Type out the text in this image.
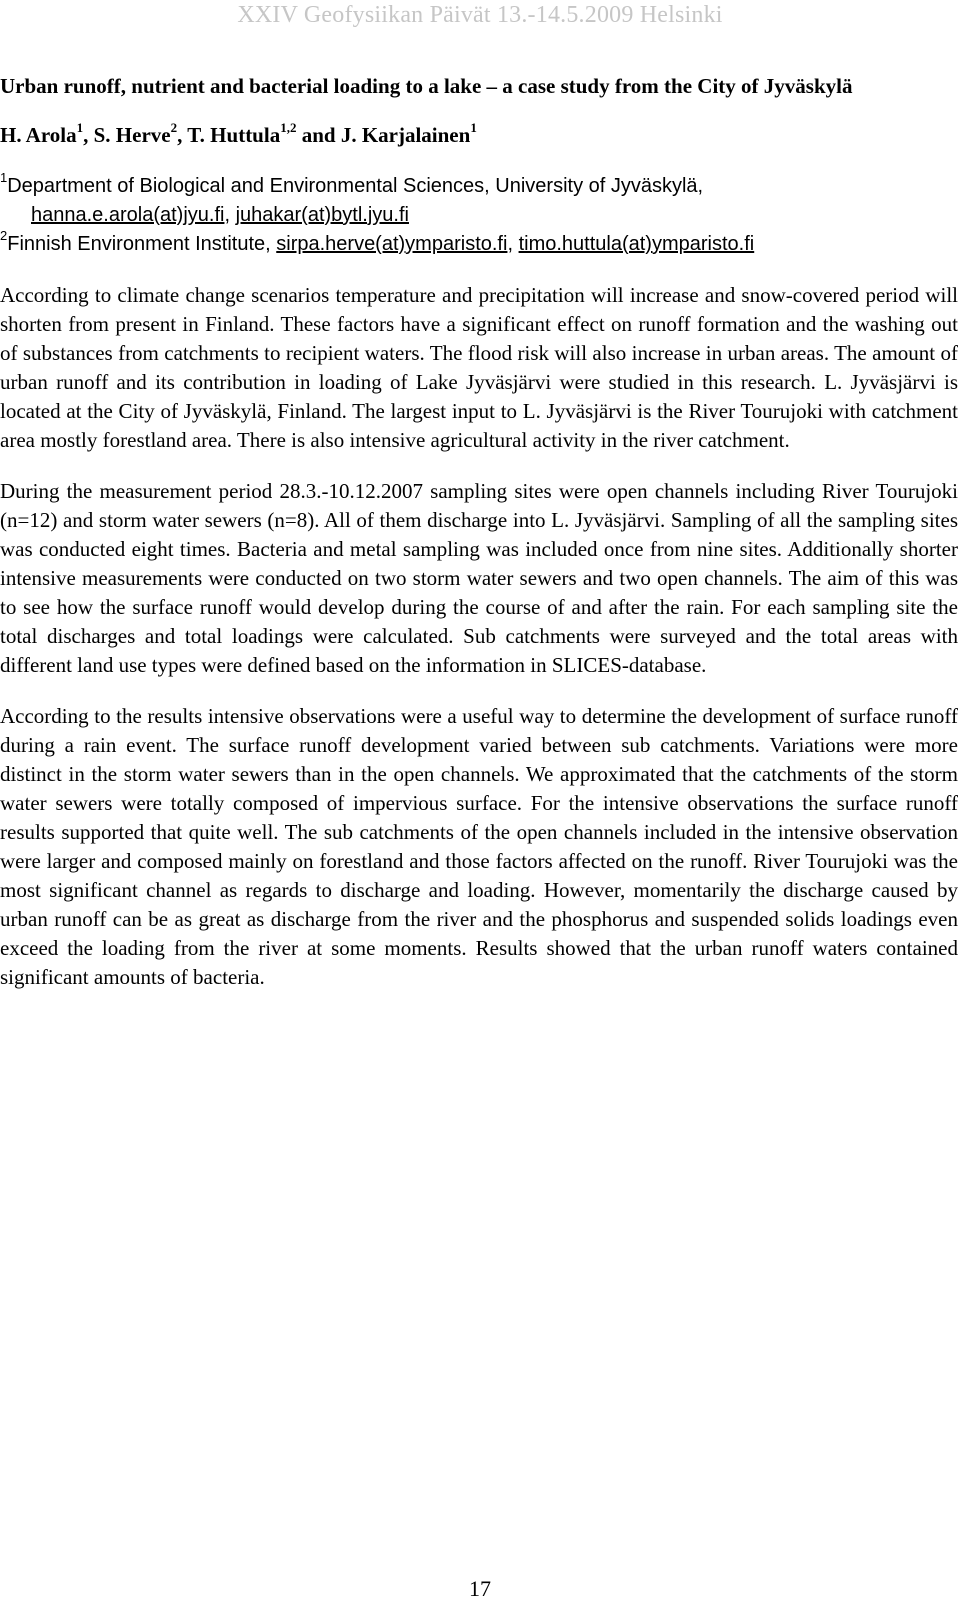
XXIV Geofysiikan Päivät 13.-14.5.2009 Helsinki

Urban runoff, nutrient and bacterial loading to a lake – a case study from the City of Jyväskylä

H. Arola$^1$, S. Herve$^2$, T. Huttula$^{1,2}$ and J. Karjalainen$^1$

$^1$Department of Biological and Environmental Sciences, University of Jyväskylä,
hanna.e.arola(at)jyu.fi, juhakar(at)bytl.jyu.fi

$^2$Finnish Environment Institute, sirpa.herve(at)ymparisto.fi, timo.huttula(at)ymparisto.fi

According to climate change scenarios temperature and precipitation will increase and snow-covered period will shorten from present in Finland. These factors have a significant effect on runoff formation and the washing out of substances from catchments to recipient waters. The flood risk will also increase in urban areas. The amount of urban runoff and its contribution in loading of Lake Jyväsjärvi were studied in this research. L. Jyväsjärvi is located at the City of Jyväskylä, Finland. The largest input to L. Jyväsjärvi is the River Tourujoki with catchment area mostly forestland area. There is also intensive agricultural activity in the river catchment.

During the measurement period 28.3.-10.12.2007 sampling sites were open channels including River Tourujoki (n=12) and storm water sewers (n=8). All of them discharge into L. Jyväsjärvi. Sampling of all the sampling sites was conducted eight times. Bacteria and metal sampling was included once from nine sites. Additionally shorter intensive measurements were conducted on two storm water sewers and two open channels. The aim of this was to see how the surface runoff would develop during the course of and after the rain. For each sampling site the total discharges and total loadings were calculated. Sub catchments were surveyed and the total areas with different land use types were defined based on the information in SLICES-database.

According to the results intensive observations were a useful way to determine the development of surface runoff during a rain event. The surface runoff development varied between sub catchments. Variations were more distinct in the storm water sewers than in the open channels. We approximated that the catchments of the storm water sewers were totally composed of impervious surface. For the intensive observations the surface runoff results supported that quite well. The sub catchments of the open channels included in the intensive observation were larger and composed mainly on forestland and those factors affected on the runoff. River Tourujoki was the most significant channel as regards to discharge and loading. However, momentarily the discharge caused by urban runoff can be as great as discharge from the river and the phosphorus and suspended solids loadings even exceed the loading from the river at some moments. Results showed that the urban runoff waters contained significant amounts of bacteria.

17
